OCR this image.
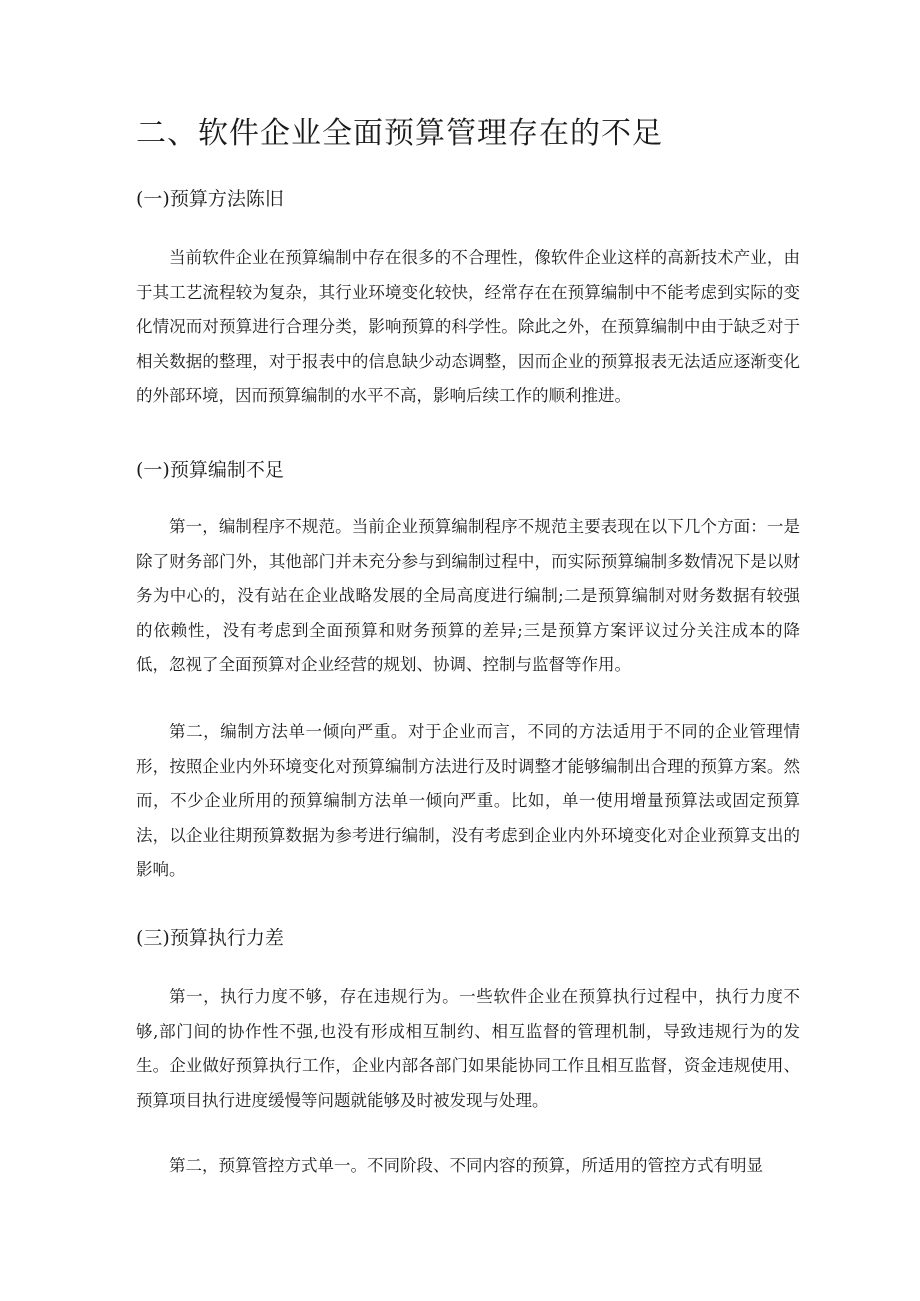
二、软件企业全面预算管理存在的不足
(一)预算方法陈旧

当前软件企业在预算编制中存在很多的不合理性，像软件企业这样的高新技术产业，由于其工艺流程较为复杂，其行业环境变化较快，经常存在在预算编制中不能考虑到实际的变化情况而对预算进行合理分类，影响预算的科学性。除此之外，在预算编制中由于缺乏对于相关数据的整理，对于报表中的信息缺少动态调整，因而企业的预算报表无法适应逐渐变化的外部环境，因而预算编制的水平不高，影响后续工作的顺利推进。

(一)预算编制不足

第一，编制程序不规范。当前企业预算编制程序不规范主要表现在以下几个方面：一是除了财务部门外，其他部门并未充分参与到编制过程中，而实际预算编制多数情况下是以财务为中心的，没有站在企业战略发展的全局高度进行编制;二是预算编制对财务数据有较强的依赖性，没有考虑到全面预算和财务预算的差异;三是预算方案评议过分关注成本的降低，忽视了全面预算对企业经营的规划、协调、控制与监督等作用。

第二，编制方法单一倾向严重。对于企业而言，不同的方法适用于不同的企业管理情形，按照企业内外环境变化对预算编制方法进行及时调整才能够编制出合理的预算方案。然而，不少企业所用的预算编制方法单一倾向严重。比如，单一使用增量预算法或固定预算法，以企业往期预算数据为参考进行编制，没有考虑到企业内外环境变化对企业预算支出的影响。

(三)预算执行力差

第一，执行力度不够，存在违规行为。一些软件企业在预算执行过程中，执行力度不够,部门间的协作性不强,也没有形成相互制约、相互监督的管理机制，导致违规行为的发生。企业做好预算执行工作，企业内部各部门如果能协同工作且相互监督，资金违规使用、预算项目执行进度缓慢等问题就能够及时被发现与处理。

第二，预算管控方式单一。不同阶段、不同内容的预算，所适用的管控方式有明显
